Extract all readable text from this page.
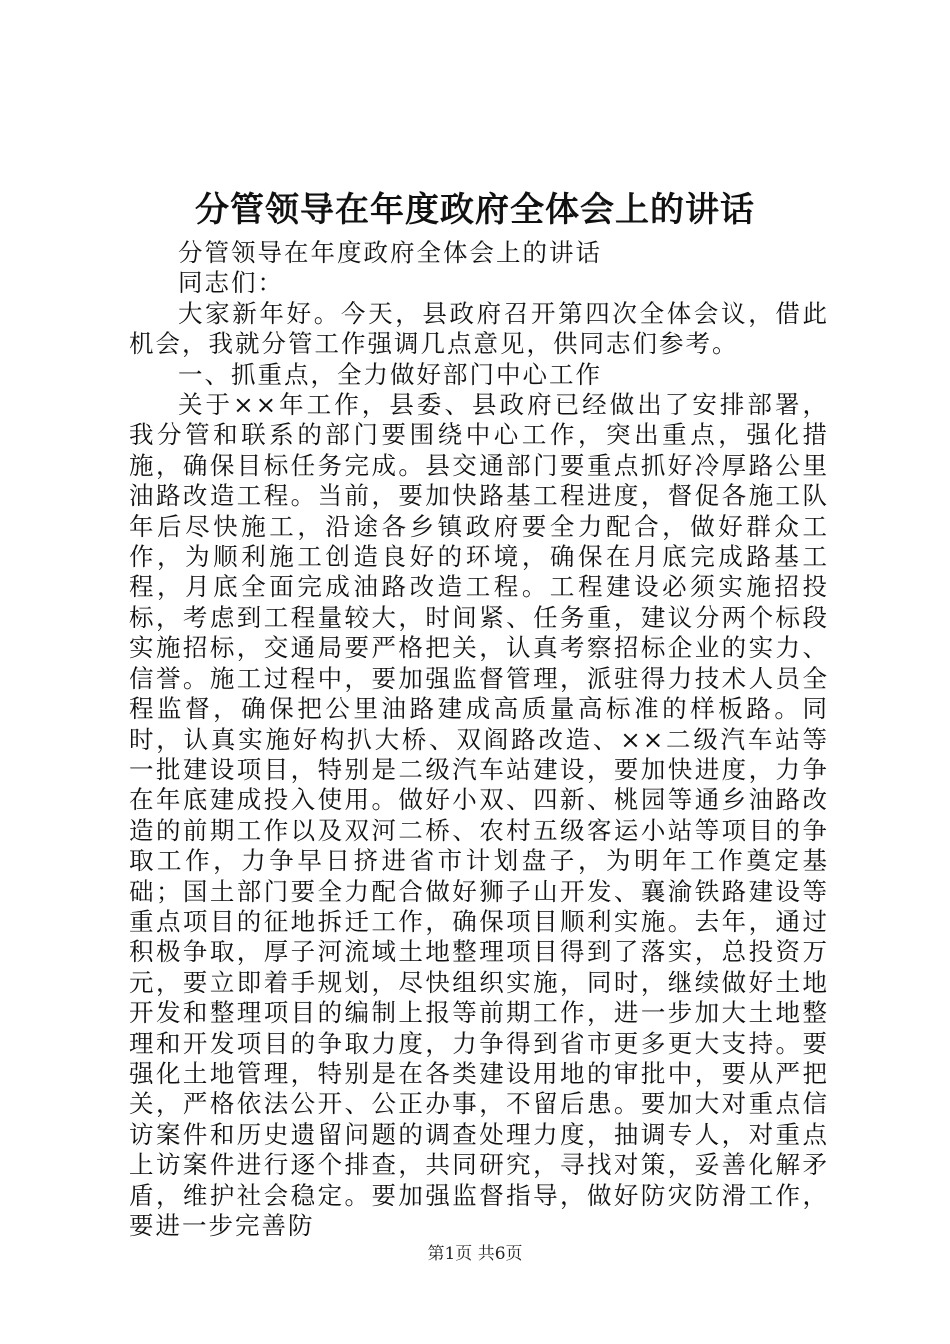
分管领导在年度政府全体会上的讲话

分管领导在年度政府全体会上的讲话

同志们：

大家新年好。今天，县政府召开第四次全体会议，借此机会，我就分管工作强调几点意见，供同志们参考。

一、抓重点，全力做好部门中心工作

关于××年工作，县委、县政府已经做出了安排部署，我分管和联系的部门要围绕中心工作，突出重点，强化措施，确保目标任务完成。县交通部门要重点抓好冷厚路公里油路改造工程。当前，要加快路基工程进度，督促各施工队年后尽快施工，沿途各乡镇政府要全力配合，做好群众工作，为顺利施工创造良好的环境，确保在月底完成路基工程，月底全面完成油路改造工程。工程建设必须实施招投标，考虑到工程量较大，时间紧、任务重，建议分两个标段实施招标，交通局要严格把关，认真考察招标企业的实力、信誉。施工过程中，要加强监督管理，派驻得力技术人员全程监督，确保把公里油路建成高质量高标准的样板路。同时，认真实施好构扒大桥、双阎路改造、××二级汽车站等一批建设项目，特别是二级汽车站建设，要加快进度，力争在年底建成投入使用。做好小双、四新、桃园等通乡油路改造的前期工作以及双河二桥、农村五级客运小站等项目的争取工作，力争早日挤进省市计划盘子，为明年工作奠定基础；国土部门要全力配合做好狮子山开发、襄渝铁路建设等重点项目的征地拆迁工作，确保项目顺利实施。去年，通过积极争取，厚子河流域土地整理项目得到了落实，总投资万元，要立即着手规划，尽快组织实施，同时，继续做好土地开发和整理项目的编制上报等前期工作，进一步加大土地整理和开发项目的争取力度，力争得到省市更多更大支持。要强化土地管理，特别是在各类建设用地的审批中，要从严把关，严格依法公开、公正办事，不留后患。要加大对重点信访案件和历史遗留问题的调查处理力度，抽调专人，对重点上访案件进行逐个排查，共同研究，寻找对策，妥善化解矛盾，维护社会稳定。要加强监督指导，做好防灾防滑工作，要进一步完善防

第1页 共6页
